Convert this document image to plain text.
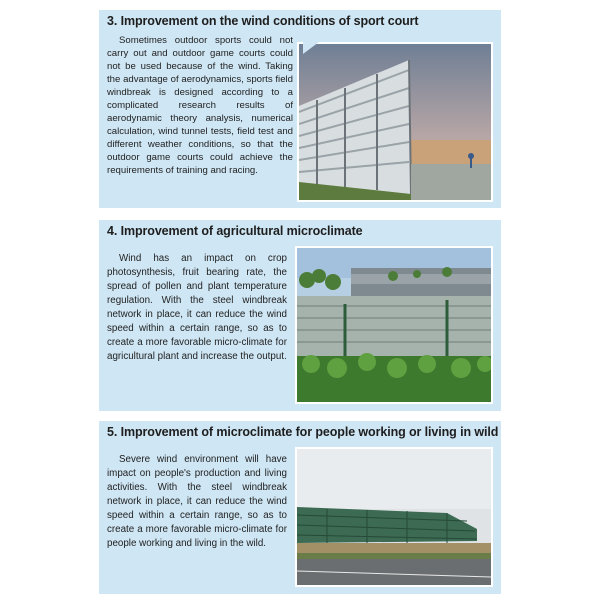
3. Improvement on the wind conditions of sport court
Sometimes outdoor sports could not carry out and outdoor game courts could not be used because of the wind. Taking the advantage of aerodynamics, sports field windbreak is designed according to a complicated research results of aerodynamic theory analysis, numerical calculation, wind tunnel tests, field test and different weather conditions, so that the outdoor game courts could achieve the requirements of training and racing.
4. Improvement of agricultural microclimate
Wind has an impact on crop photosynthesis, fruit bearing rate, the spread of pollen and plant temperature regulation. With the steel windbreak network in place, it can reduce the wind speed within a certain range, so as to create a more favorable micro-climate for agricultural plant and increase the output.
5. Improvement of microclimate for people working or living in wild
Severe wind environment will have impact on people's production and living activities. With the steel windbreak network in place, it can reduce the wind speed within a certain range, so as to create a more favorable micro-climate for people working and living in the wild.
